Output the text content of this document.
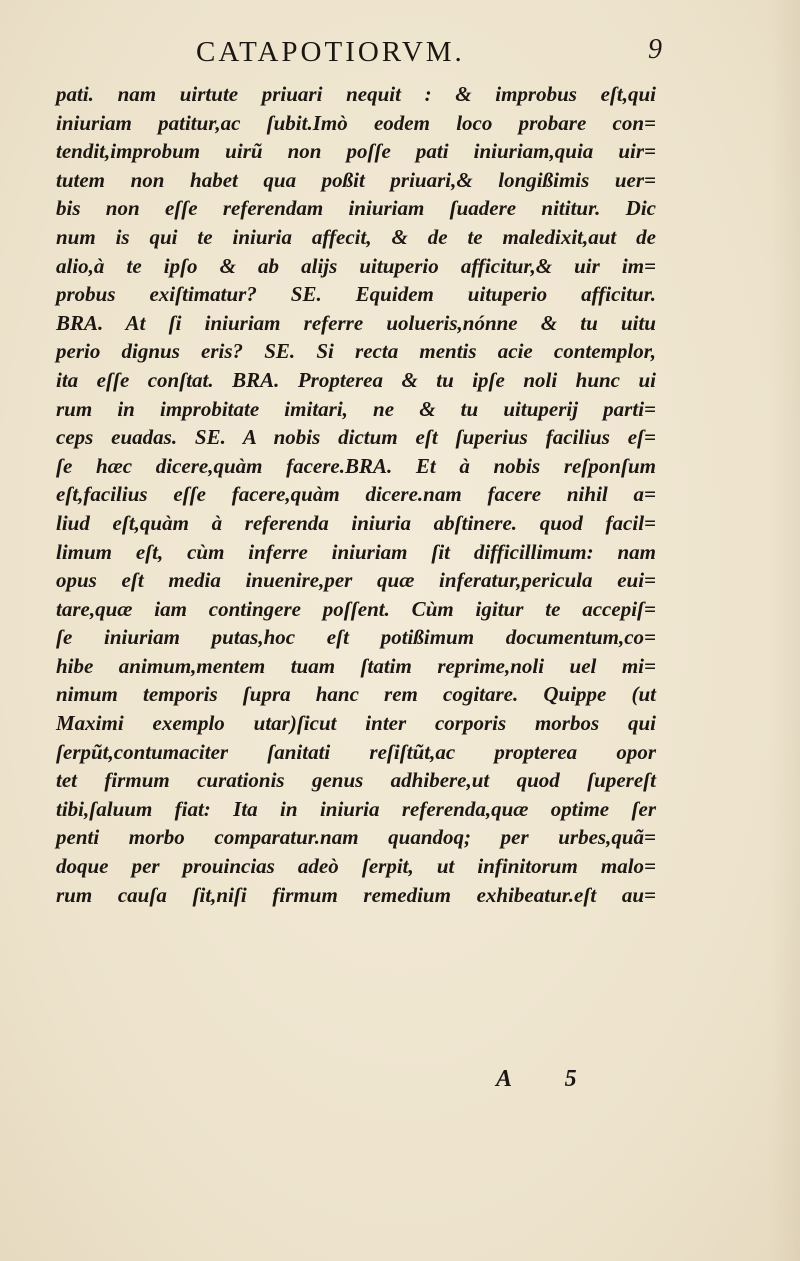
CATAPOTIORVM.	9
pati. nam uirtute priuari nequit : & improbus eſt,qui
iniuriam patitur,ac ſubit.Imò eodem loco probare con=
tendit,improbum uirũ non poſſe pati iniuriam,quia uir=
tutem non habet qua poßit priuari,& longißimis uer=
bis non eſſe referendam iniuriam ſuadere nititur. Dic
num is qui te iniuria affecit, & de te maledixit,aut de
alio,à te ipſo & ab alijs uituperio afficitur,& uir im=
probus exiſtimatur? SE. Equidem uituperio afficitur.
BRA. At ſi iniuriam referre uolueris,nónne & tu uitu
perio dignus eris? SE. Si recta mentis acie contemplor,
ita eſſe conſtat. BRA. Propterea & tu ipſe noli hunc ui
rum in improbitate imitari, ne & tu uituperij parti=
ceps euadas. SE. A nobis dictum eſt ſuperius facilius eſ=
ſe hæc dicere,quàm facere.BRA. Et à nobis reſponſum
eſt,facilius eſſe facere,quàm dicere.nam facere nihil a=
liud eſt,quàm à referenda iniuria abſtinere. quod facil=
limum eſt, cùm inferre iniuriam ſit difficillimum: nam
opus eſt media inuenire,per quæ inferatur,pericula eui=
tare,quæ iam contingere poſſent. Cùm igitur te accepiſ=
ſe iniuriam putas,hoc eſt potißimum documentum,co=
hibe animum,mentem tuam ſtatim reprime,noli uel mi=
nimum temporis ſupra hanc rem cogitare. Quippe (ut
Maximi exemplo utar)ſicut inter corporis morbos qui
ſerpũt,contumaciter ſanitati reſiſtũt,ac propterea opor
tet firmum curationis genus adhibere,ut quod ſupereſt
tibi,ſaluum fiat: Ita in iniuria referenda,quæ optime ſer
penti morbo comparatur.nam quandoq; per urbes,quã=
doque per prouincias adeò ſerpit, ut infinitorum malo=
rum cauſa ſit,niſi firmum remedium exhibeatur.eſt au=
A 5
